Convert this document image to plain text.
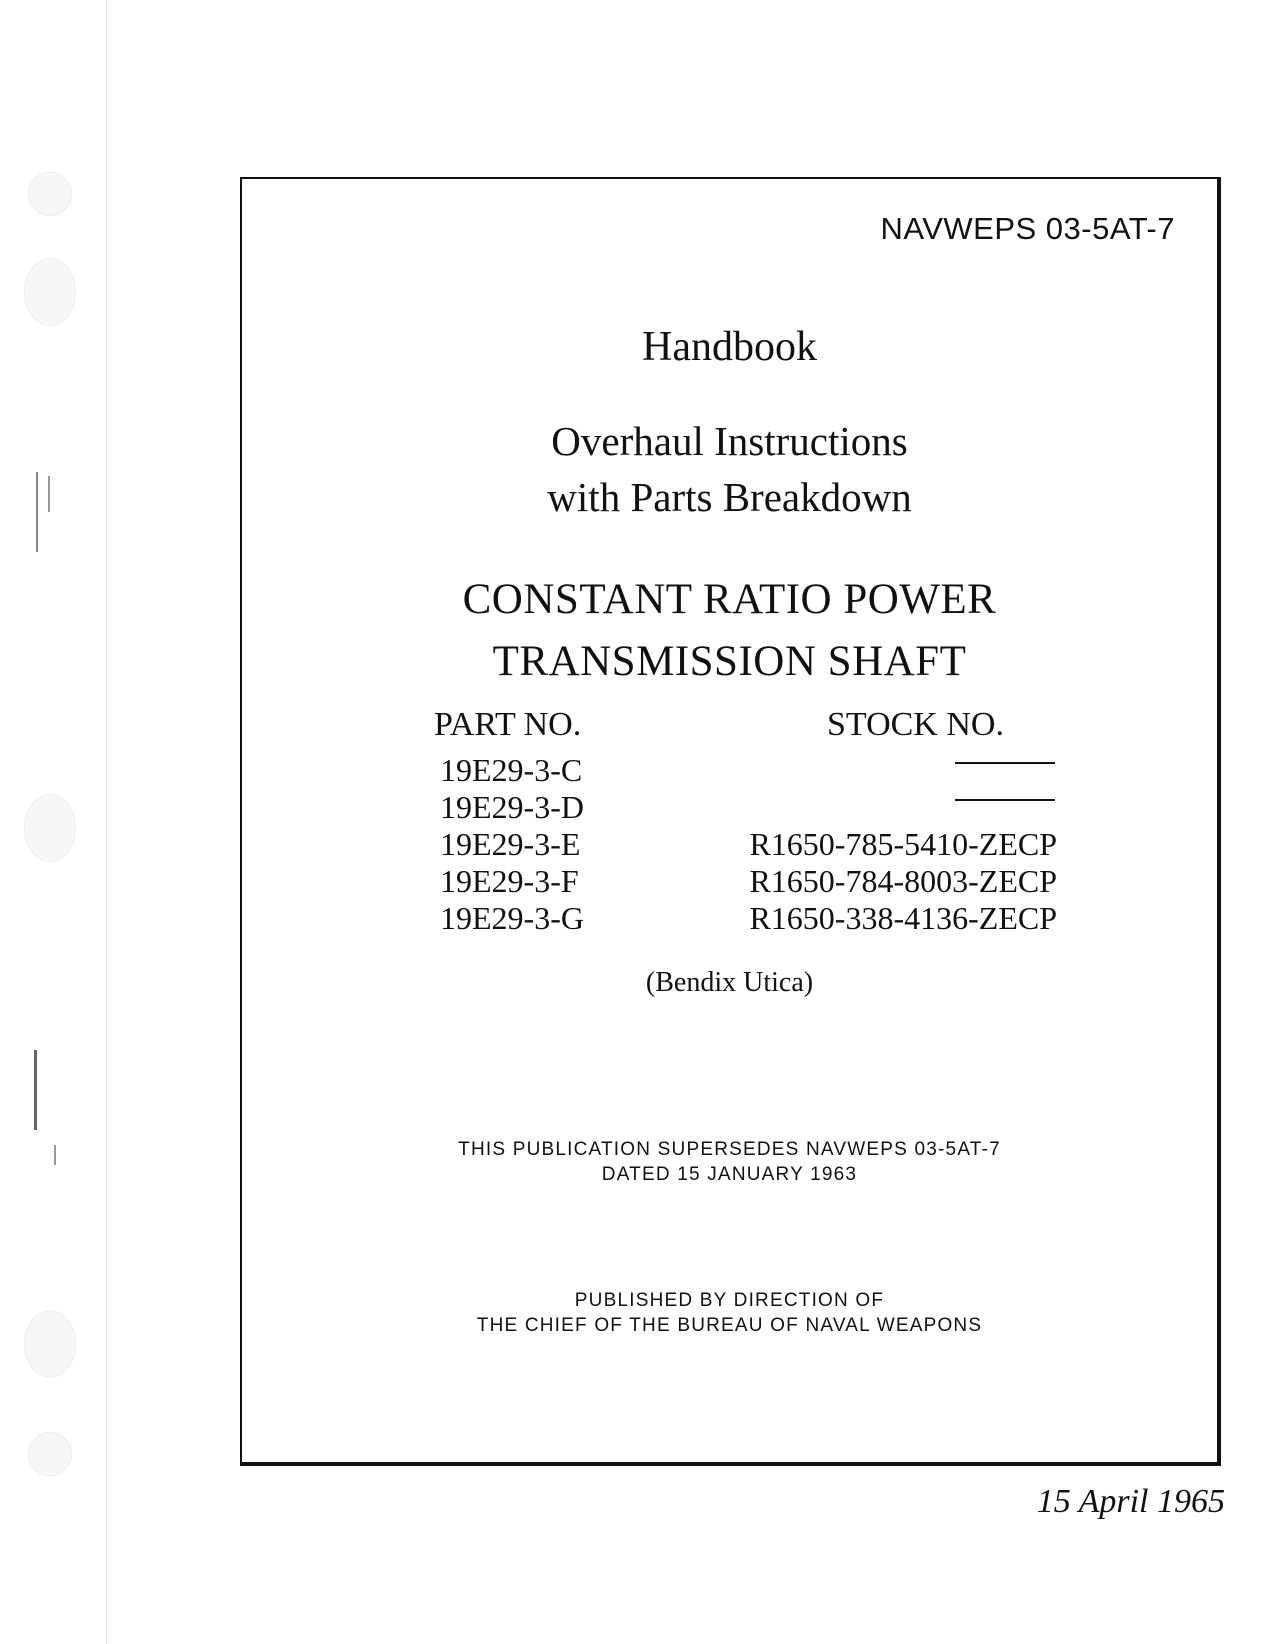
NAVWEPS 03-5AT-7
Handbook
Overhaul Instructions
with Parts Breakdown
CONSTANT RATIO POWER
TRANSMISSION SHAFT
PART NO.	STOCK NO.
19E29-3-C
19E29-3-D
19E29-3-E
19E29-3-F
19E29-3-G
R1650-785-5410-ZECP
R1650-784-8003-ZECP
R1650-338-4136-ZECP
(Bendix Utica)
THIS PUBLICATION SUPERSEDES NAVWEPS 03-5AT-7
DATED 15 JANUARY 1963
PUBLISHED BY DIRECTION OF
THE CHIEF OF THE BUREAU OF NAVAL WEAPONS
15 April 1965
